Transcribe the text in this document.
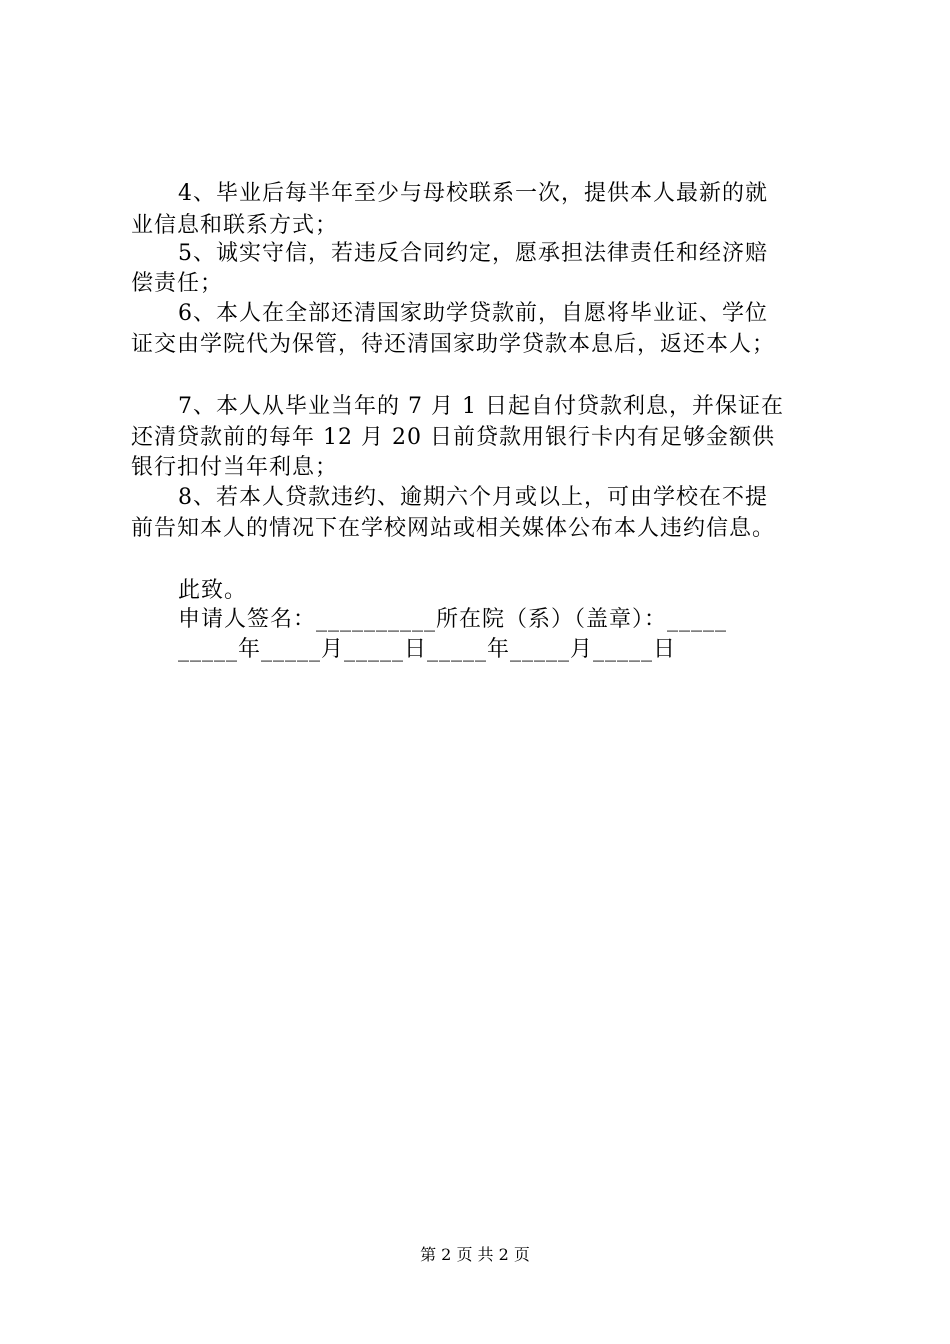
4、毕业后每半年至少与母校联系一次，提供本人最新的就
业信息和联系方式；
5、诚实守信，若违反合同约定，愿承担法律责任和经济赔
偿责任；
6、本人在全部还清国家助学贷款前，自愿将毕业证、学位
证交由学院代为保管，待还清国家助学贷款本息后，返还本人；
7、本人从毕业当年的 7 月 1 日起自付贷款利息，并保证在
还清贷款前的每年 12 月 20 日前贷款用银行卡内有足够金额供
银行扣付当年利息；
8、若本人贷款违约、逾期六个月或以上，可由学校在不提
前告知本人的情况下在学校网站或相关媒体公布本人违约信息。
此致。
申请人签名：__________所在院（系）（盖章）：_____
_____年_____月_____日_____年_____月_____日
第 2 页 共 2 页
